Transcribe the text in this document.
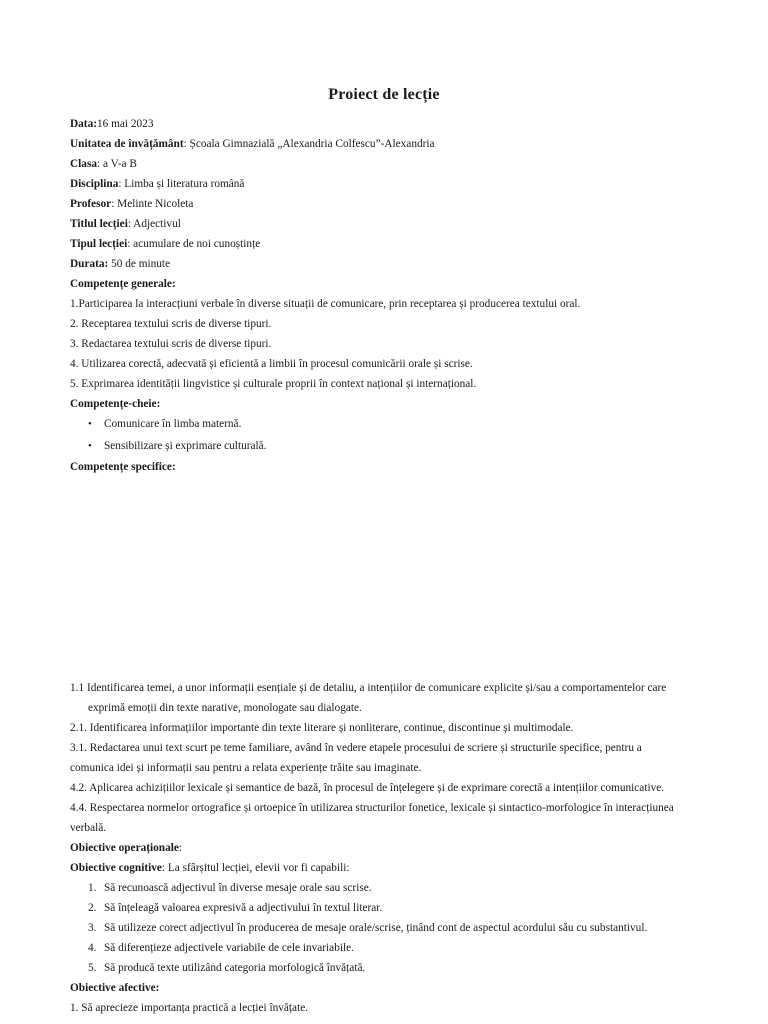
Proiect de lecție
Data:16 mai 2023
Unitatea de învățământ: Școala Gimnazială „Alexandria Colfescu”-Alexandria
Clasa: a V-a B
Disciplina: Limba și literatura română
Profesor: Melinte Nicoleta
Titlul lecției: Adjectivul
Tipul lecției: acumulare de noi cunoștințe
Durata: 50 de minute
Competențe generale:
1.Participarea la interacțiuni verbale în diverse situații de comunicare, prin receptarea și producerea textului oral.
2. Receptarea textului scris de diverse tipuri.
3. Redactarea textului scris de diverse tipuri.
4. Utilizarea corectă, adecvată și eficientă a limbii în procesul comunicării orale și scrise.
5. Exprimarea identității lingvistice și culturale proprii în context național și internațional.
Competențe-cheie:
• Comunicare în limba maternă.
• Sensibilizare și exprimare culturală.
Competențe specifice:
1.1 Identificarea temei, a unor informații esențiale și de detaliu, a intențiilor de comunicare explicite și/sau a comportamentelor care
exprimă emoții din texte narative, monologate sau dialogate.
2.1. Identificarea informațiilor importante din texte literare și nonliterare, continue, discontinue și multimodale.
3.1. Redactarea unui text scurt pe teme familiare, având în vedere etapele procesului de scriere și structurile specifice, pentru a
comunica idei și informații sau pentru a relata experiențe trăite sau imaginate.
4.2. Aplicarea achizițiilor lexicale și semantice de bază, în procesul de înțelegere și de exprimare corectă a intențiilor comunicative.
4.4. Respectarea normelor ortografice și ortoepice în utilizarea structurilor fonetice, lexicale și sintactico-morfologice în interacțiunea
verbală.
Obiective operaționale:
Obiective cognitive: La sfârșitul lecției, elevii vor fi capabili:
1. Să recunoască adjectivul în diverse mesaje orale sau scrise.
2. Să înțeleagă valoarea expresivă a adjectivului în textul literar.
3. Să utilizeze corect adjectivul în producerea de mesaje orale/scrise, ținând cont de aspectul acordului său cu substantivul.
4. Să diferențieze adjectivele variabile de cele invariabile.
5. Să producă texte utilizând categoria morfologică învățată.
Obiective afective:
1. Să aprecieze importanța practică a lecției învățate.
